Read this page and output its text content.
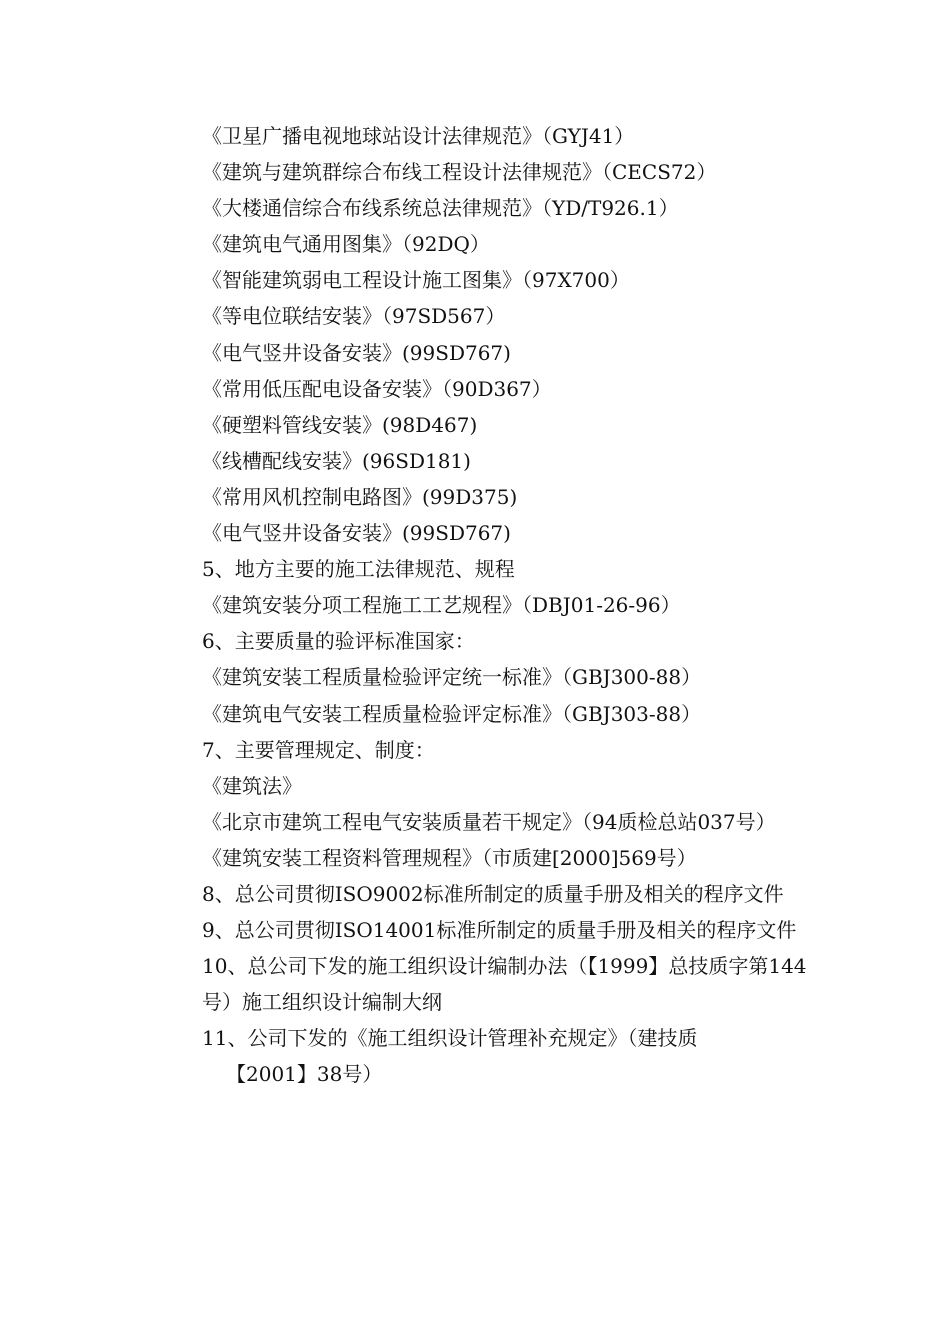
《卫星广播电视地球站设计法律规范》（GYJ41）
《建筑与建筑群综合布线工程设计法律规范》（CECS72）
《大楼通信综合布线系统总法律规范》（YD/T926.1）
《建筑电气通用图集》（92DQ）
《智能建筑弱电工程设计施工图集》（97X700）
《等电位联结安装》（97SD567）
《电气竖井设备安装》(99SD767)
《常用低压配电设备安装》（90D367）
《硬塑料管线安装》(98D467)
《线槽配线安装》(96SD181)
《常用风机控制电路图》(99D375)
《电气竖井设备安装》(99SD767)
5、地方主要的施工法律规范、规程
《建筑安装分项工程施工工艺规程》（DBJ01-26-96）
6、主要质量的验评标准国家：
《建筑安装工程质量检验评定统一标准》（GBJ300-88）
《建筑电气安装工程质量检验评定标准》（GBJ303-88）
7、主要管理规定、制度：
《建筑法》
《北京市建筑工程电气安装质量若干规定》（94质检总站037号）
《建筑安装工程资料管理规程》（市质建[2000]569号）
8、总公司贯彻ISO9002标准所制定的质量手册及相关的程序文件
9、总公司贯彻ISO14001标准所制定的质量手册及相关的程序文件
10、总公司下发的施工组织设计编制办法（【1999】总技质字第144号）施工组织设计编制大纲
11、公司下发的《施工组织设计管理补充规定》（建技质
【2001】38号）
